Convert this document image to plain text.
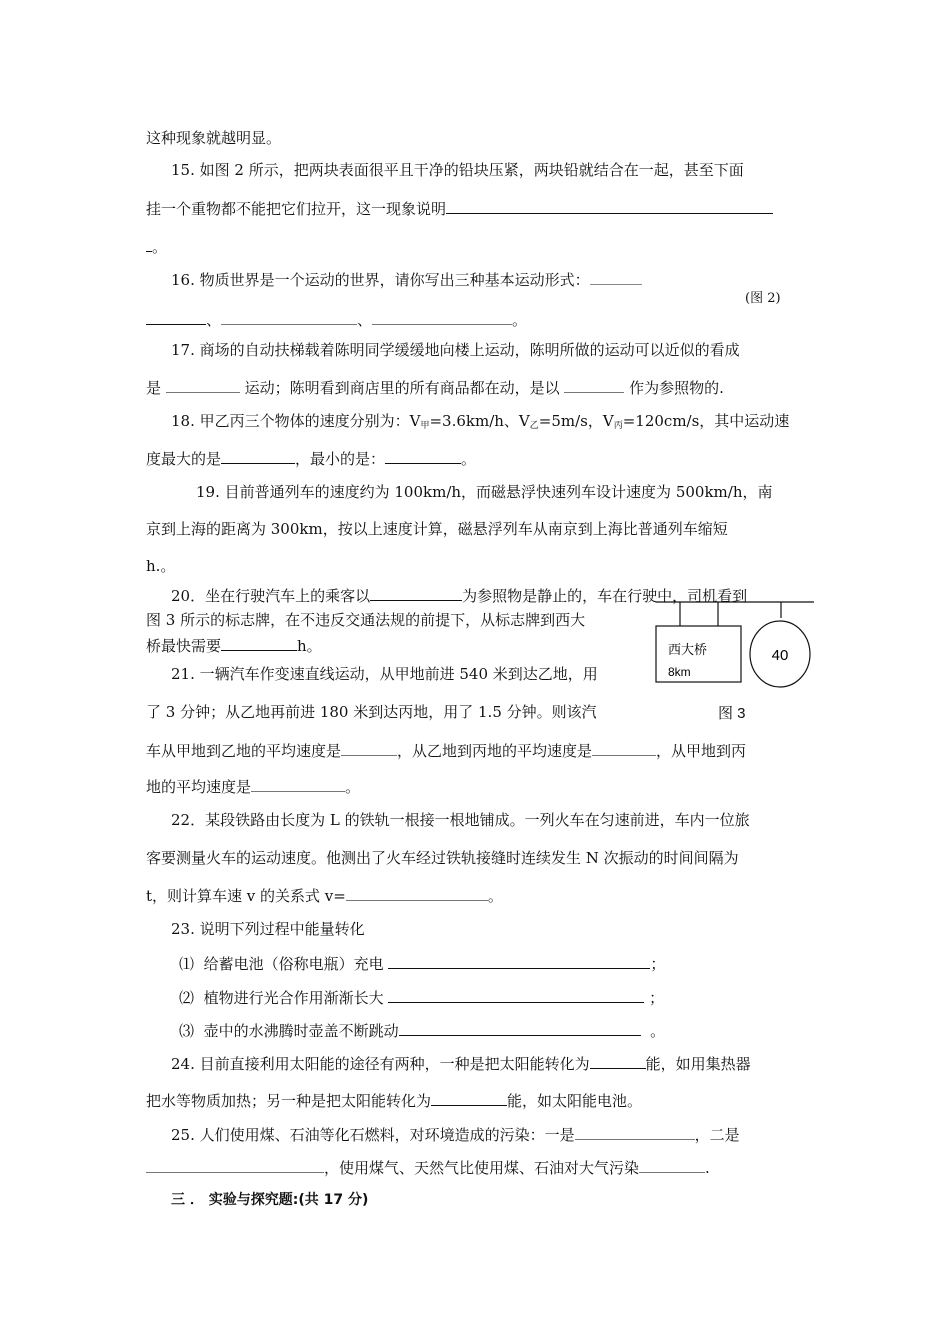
这种现象就越明显。
15. 如图 2 所示，把两块表面很平且干净的铅块压紧，两块铅就结合在一起，甚至下面
挂一个重物都不能把它们拉开，这一现象说明
。
16. 物质世界是一个运动的世界，请你写出三种基本运动形式：
(图 2)
、	、	。
17. 商场的自动扶梯载着陈明同学缓缓地向楼上运动，陈明所做的运动可以近似的看成
是	运动；陈明看到商店里的所有商品都在动，是以	作为参照物的.
18. 甲乙丙三个物体的速度分别为：$V_甲=3.6km/h$、$V_乙=5m/s$，$V_丙=120cm/s$，其中运动速
度最大的是	，最小的是：	。
19. 目前普通列车的速度约为 100km/h，而磁悬浮快速列车设计速度为 500km/h，南
京到上海的距离为 300km，按以上速度计算，磁悬浮列车从南京到上海比普通列车缩短
h.。
20．坐在行驶汽车上的乘客以	为参照物是静止的，车在行驶中，司机看到
图 3 所示的标志牌，在不违反交通法规的前提下，从标志牌到西大
桥最快需要	h。	西大桥
8km
40
图 3
21. 一辆汽车作变速直线运动，从甲地前进 540 米到达乙地，用
了 3 分钟；从乙地再前进 180 米到达丙地，用了 1.5 分钟。则该汽
车从甲地到乙地的平均速度是	，从乙地到丙地的平均速度是	，从甲地到丙
地的平均速度是	。
22．某段铁路由长度为 L 的铁轨一根接一根地铺成。一列火车在匀速前进，车内一位旅
客要测量火车的运动速度。他测出了火车经过铁轨接缝时连续发生 N 次振动的时间间隔为
t，则计算车速 v 的关系式 v=	。
23. 说明下列过程中能量转化
⑴ 给蓄电池（俗称电瓶）充电	；
⑵ 植物进行光合作用渐渐长大	；
⑶ 壶中的水沸腾时壶盖不断跳动	。
24. 目前直接利用太阳能的途径有两种，一种是把太阳能转化为	能，如用集热器
把水等物质加热；另一种是把太阳能转化为	能，如太阳能电池。
25. 人们使用煤、石油等化石燃料，对环境造成的污染：一是	，二是
，使用煤气、天然气比使用煤、石油对大气污染	.
三 ． 实验与探究题:(共 17 分)
